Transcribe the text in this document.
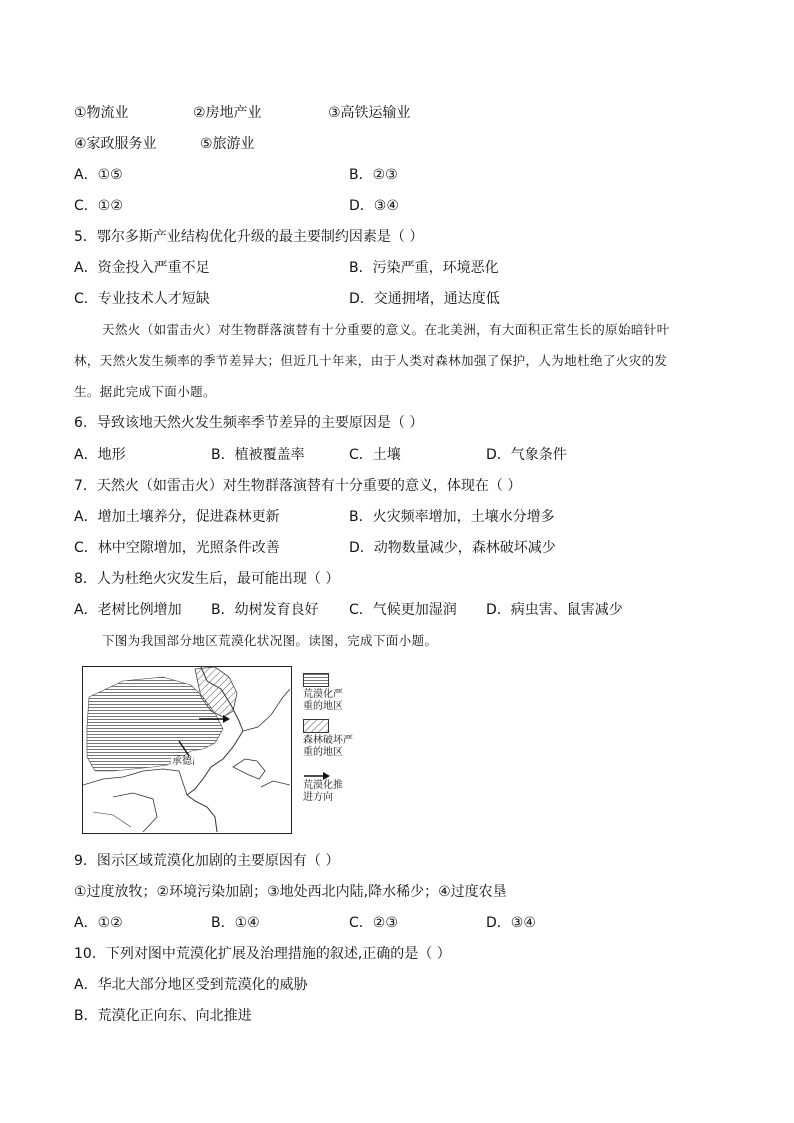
①物流业	②房地产业	③高铁运输业
④家政服务业	⑤旅游业
A．①⑤	B．②③
C．①②	D．③④
5．鄂尔多斯产业结构优化升级的最主要制约因素是（ ）
A．资金投入严重不足	B．污染严重，环境恶化
C．专业技术人才短缺	D．交通拥堵，通达度低
天然火（如雷击火）对生物群落演替有十分重要的意义。在北美洲，有大面积正常生长的原始暗针叶
林，天然火发生频率的季节差异大；但近几十年来，由于人类对森林加强了保护，人为地杜绝了火灾的发
生。据此完成下面小题。
6．导致该地天然火发生频率季节差异的主要原因是（ ）
A．地形	B．植被覆盖率	C．土壤	D．气象条件
7．天然火（如雷击火）对生物群落演替有十分重要的意义，体现在（ ）
A．增加土壤养分，促进森林更新	B．火灾频率增加，土壤水分增多
C．林中空隙增加，光照条件改善	D．动物数量减少，森林破坏减少
8．人为杜绝火灾发生后，最可能出现（ ）
A．老树比例增加 B．幼树发育良好 C．气候更加湿润 D．病虫害、鼠害减少
下图为我国部分地区荒漠化状况图。读图，完成下面小题。
承德
荒漠化严
重的地区
森林破坏严
重的地区
荒漠化推
进方向
9．图示区域荒漠化加剧的主要原因有（ ）
①过度放牧；②环境污染加剧；③地处西北内陆,降水稀少；④过度农垦
A．①②	B．①④	C．②③	D．③④
10．下列对图中荒漠化扩展及治理措施的叙述,正确的是（ ）
A．华北大部分地区受到荒漠化的威胁
B．荒漠化正向东、向北推进
